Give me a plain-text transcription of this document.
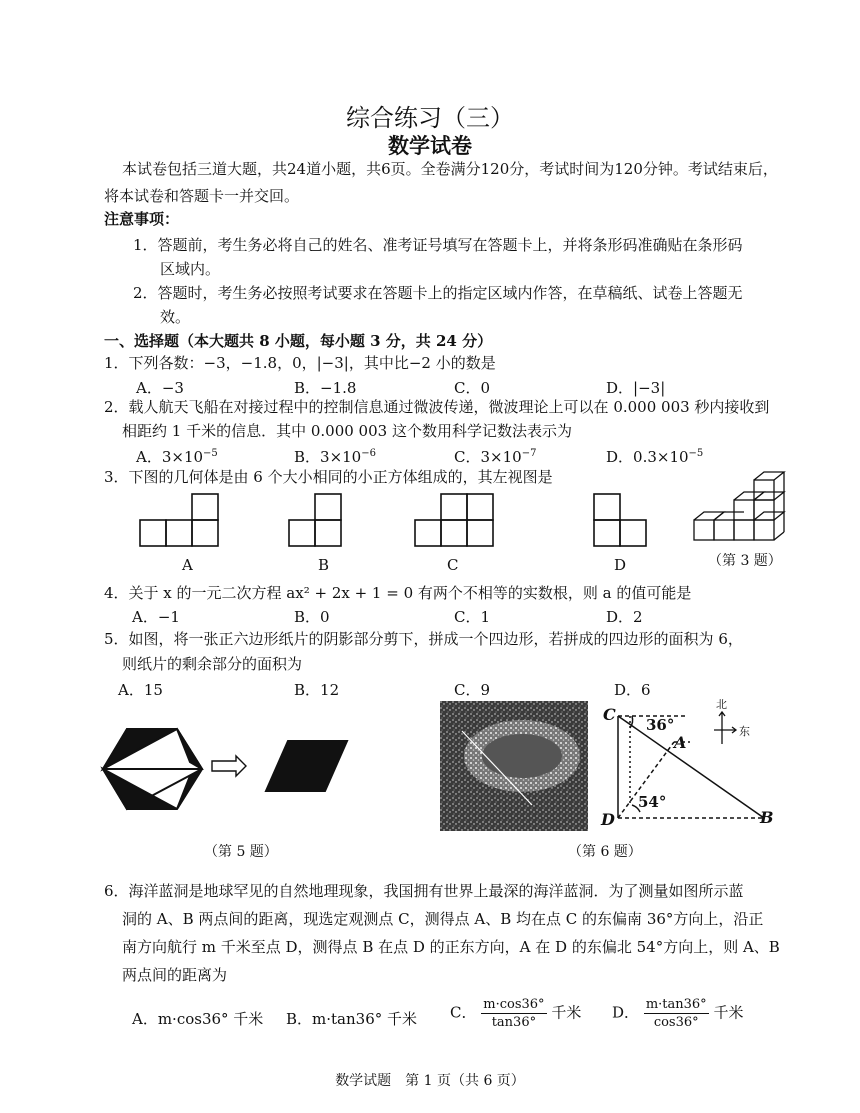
综合练习（三）
数学试卷
本试卷包括三道大题，共24道小题，共6页。全卷满分120分，考试时间为120分钟。考试结束后，
将本试卷和答题卡一并交回。
注意事项：
1．答题前，考生务必将自己的姓名、准考证号填写在答题卡上，并将条形码准确贴在条形码
区域内。
2．答题时，考生务必按照考试要求在答题卡上的指定区域内作答，在草稿纸、试卷上答题无
效。
一、选择题（本大题共 8 小题，每小题 3 分，共 24 分）
1．下列各数：−3，−1.8，0，|−3|，其中比−2 小的数是
A．−3	B．−1.8	C．0	D．|−3|
2．载人航天飞船在对接过程中的控制信息通过微波传递，微波理论上可以在 0.000 003 秒内接收到
相距约 1 千米的信息．其中 0.000 003 这个数用科学记数法表示为
A．$3\times 10^{-5}$	B．$3\times 10^{-6}$	C．$3\times 10^{-7}$	D．$0.3\times 10^{-5}$
3．下图的几何体是由 6 个大小相同的小正方体组成的，其左视图是
A	B	C	D	（第 3 题）
4．关于 x 的一元二次方程 ax² + 2x + 1 = 0 有两个不相等的实数根，则 a 的值可能是
A．−1	B．0	C．1	D．2
5．如图，将一张正六边形纸片的阴影部分剪下，拼成一个四边形，若拼成的四边形的面积为 6，
则纸片的剩余部分的面积为
A．15	B．12	C．9	D．6
（第 5 题）
C
A
D	B
36°
54°
北
东
（第 6 题）
6．海洋蓝洞是地球罕见的自然地理现象，我国拥有世界上最深的海洋蓝洞．为了测量如图所示蓝
洞的 A、B 两点间的距离，现选定观测点 C，测得点 A、B 均在点 C 的东偏南 36°方向上，沿正
南方向航行 m 千米至点 D，测得点 B 在点 D 的正东方向，A 在 D 的东偏北 54°方向上，则 A、B
两点间的距离为
A．m·cos36° 千米 B．m·tan36° 千米 C． $\frac{m\cdot\cos 36^\circ}{\tan 36^\circ}$ 千米 D． $\frac{m\cdot\tan 36^\circ}{\cos 36^\circ}$ 千米
数学试题　第 1 页（共 6 页）
